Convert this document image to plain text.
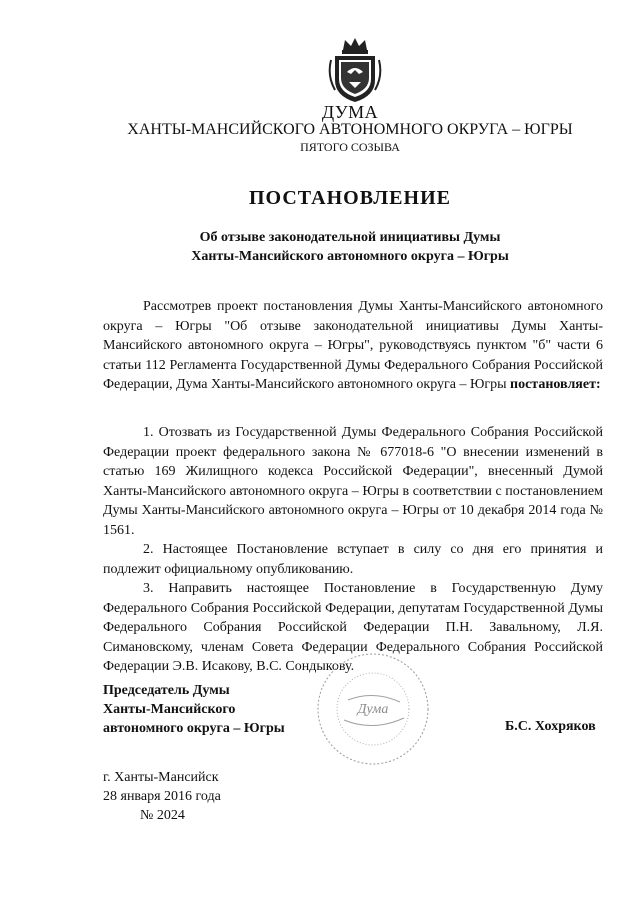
ДУМА
ХАНТЫ-МАНСИЙСКОГО АВТОНОМНОГО ОКРУГА – ЮГРЫ
ПЯТОГО СОЗЫВА
ПОСТАНОВЛЕНИЕ
Об отзыве законодательной инициативы Думы
Ханты-Мансийского автономного округа – Югры

Рассмотрев проект постановления Думы Ханты-Мансийского автономного округа – Югры "Об отзыве законодательной инициативы Думы Ханты-Мансийского автономного округа – Югры", руководствуясь пунктом "б" части 6 статьи 112 Регламента Государственной Думы Федерального Собрания Российской Федерации, Дума Ханты-Мансийского автономного округа – Югры постановляет:

1. Отозвать из Государственной Думы Федерального Собрания Российской Федерации проект федерального закона № 677018-6 "О внесении изменений в статью 169 Жилищного кодекса Российской Федерации", внесенный Думой Ханты-Мансийского автономного округа – Югры в соответствии с постановлением Думы Ханты-Мансийского автономного округа – Югры от 10 декабря 2014 года № 1561.

2. Настоящее Постановление вступает в силу со дня его принятия и подлежит официальному опубликованию.

3. Направить настоящее Постановление в Государственную Думу Федерального Собрания Российской Федерации, депутатам Государственной Думы Федерального Собрания Российской Федерации П.Н. Завальному, Л.Я. Симановскому, членам Совета Федерации Федерального Собрания Российской Федерации Э.В. Исакову, В.С. Сондыкову.

Председатель Думы
Ханты-Мансийского
автономного округа – Югры
Дума
Б.С. Хохряков
г. Ханты-Мансийск
28 января 2016 года
№ 2024
